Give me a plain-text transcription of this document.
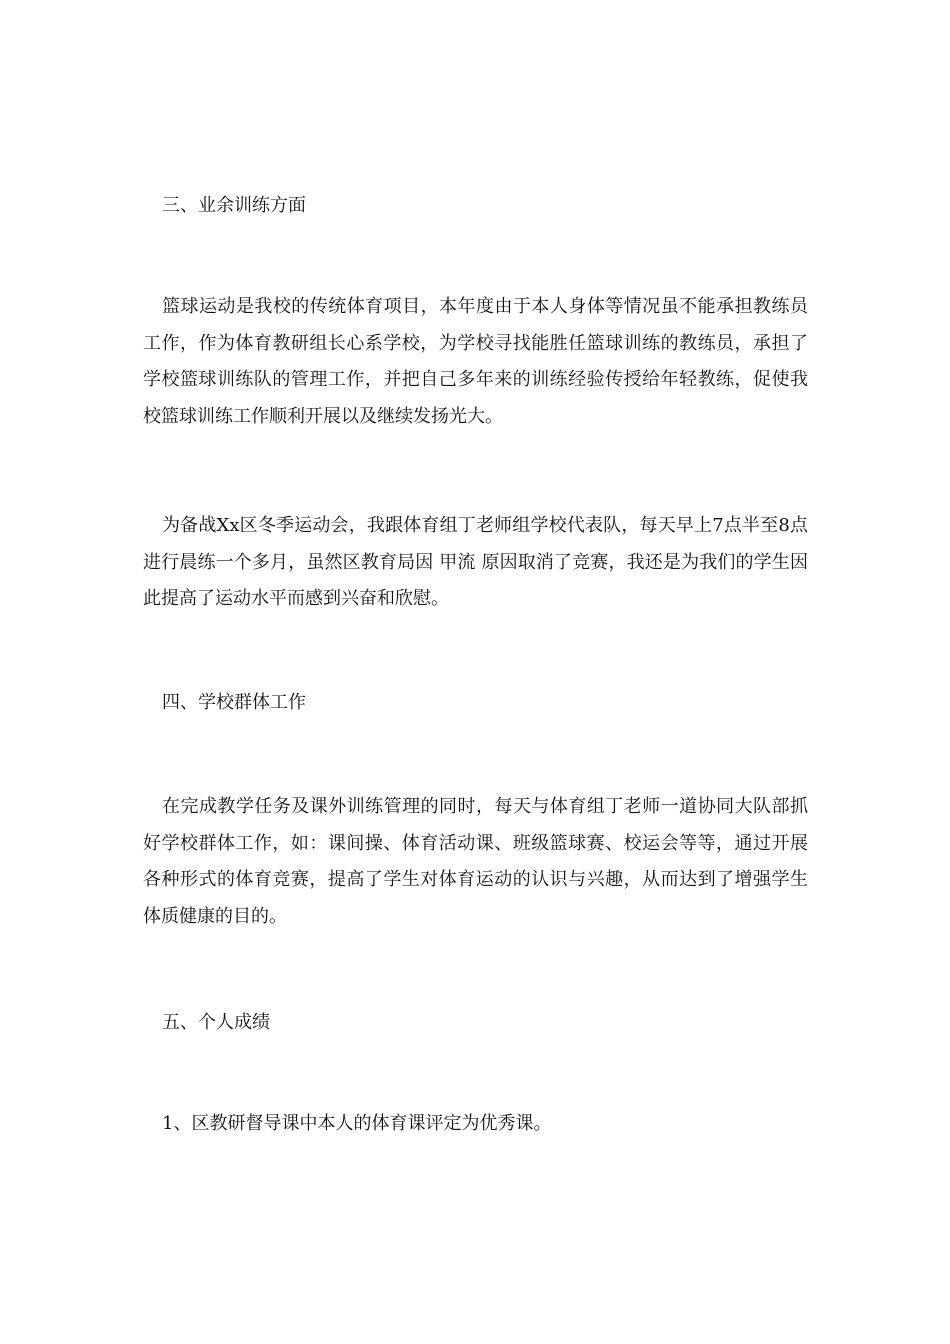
三、业余训练方面

篮球运动是我校的传统体育项目，本年度由于本人身体等情况虽不能承担教练员工作，作为体育教研组长心系学校，为学校寻找能胜任篮球训练的教练员，承担了学校篮球训练队的管理工作，并把自己多年来的训练经验传授给年轻教练，促使我校篮球训练工作顺利开展以及继续发扬光大。

为备战Xx区冬季运动会，我跟体育组丁老师组学校代表队，每天早上7点半至8点进行晨练一个多月，虽然区教育局因 甲流 原因取消了竞赛，我还是为我们的学生因此提高了运动水平而感到兴奋和欣慰。

四、学校群体工作

在完成教学任务及课外训练管理的同时，每天与体育组丁老师一道协同大队部抓好学校群体工作，如：课间操、体育活动课、班级篮球赛、校运会等等，通过开展各种形式的体育竞赛，提高了学生对体育运动的认识与兴趣，从而达到了增强学生体质健康的目的。

五、个人成绩

1、区教研督导课中本人的体育课评定为优秀课。
